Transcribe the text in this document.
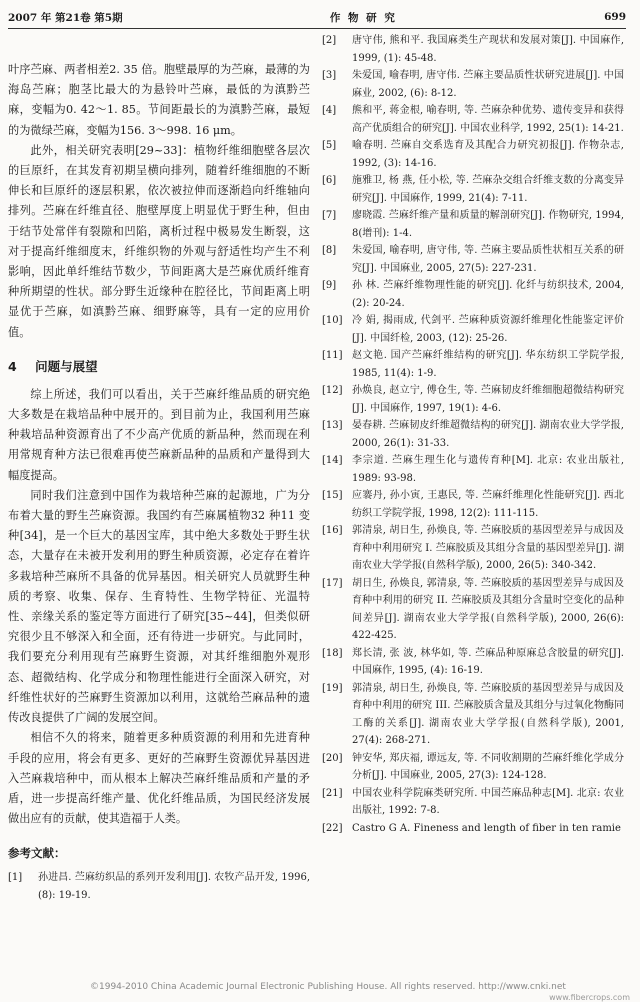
2007 年 第21卷 第5期	作 物 研 究	699

叶序苎麻、两者相差2. 35 倍。胞壁最厚的为苎麻，最薄的为海岛苎麻；胞茎比最大的为悬铃叶苎麻，最低的为滇黔苎麻，变幅为0. 42～1. 85。节间距最长的为滇黔苎麻，最短的为微绿苎麻，变幅为156. 3～998. 16 μm。

此外，相关研究表明[29~33]：植物纤维细胞壁各层次的巨原纤，在其发育初期呈横向排列，随着纤维细胞的不断伸长和巨原纤的逐层积累，依次被拉伸而逐渐趋向纤维轴向排列。苎麻在纤维直径、胞壁厚度上明显优于野生种，但由于结节处常伴有裂隙和凹陷，离析过程中极易发生断裂，这对于提高纤维细度末，纤维织物的外观与舒适性均产生不利影响，因此单纤维结节数少，节间距离大是苎麻优质纤维育种所期望的性状。部分野生近缘种在腔径比，节间距离上明显优于苎麻，如滇黔苎麻、细野麻等，具有一定的应用价值。

4 问题与展望

综上所述，我们可以看出，关于苎麻纤维品质的研究绝大多数是在栽培品种中展开的。到目前为止，我国利用苎麻种栽培品种资源育出了不少高产优质的新品种，然而现在利用常规育种方法已很难再使苎麻新品种的品质和产量得到大幅度提高。

同时我们注意到中国作为栽培种苎麻的起源地，广为分布着大量的野生苎麻资源。我国约有苎麻属植物32 种11 变种[34]，是一个巨大的基因宝库，其中绝大多数处于野生状态，大量存在未被开发利用的野生种质资源，必定存在着许多栽培种苎麻所不具备的优异基因。相关研究人员就野生种质的考察、收集、保存、生育特性、生物学特征、光温特性、亲缘关系的鉴定等方面进行了研究[35~44]，但类似研究很少且不够深入和全面，还有待进一步研究。与此同时，我们要充分利用现有苎麻野生资源，对其纤维细胞外观形态、超微结构、化学成分和物理性能进行全面深入研究，对纤维性状好的苎麻野生资源加以利用，这就给苎麻品种的遗传改良提供了广阔的发展空间。

相信不久的将来，随着更多种质资源的利用和先进育种手段的应用，将会有更多、更好的苎麻野生资源优异基因进入苎麻栽培种中，而从根本上解决苎麻纤维品质和产量的矛盾，进一步提高纤维产量、优化纤维品质，为国民经济发展做出应有的贡献，使其造福于人类。

参考文献：
[1]	孙进昌. 苎麻纺织品的系列开发利用[J]. 农牧产品开发, 1996, (8): 19-19.
[2]	唐守伟, 熊和平. 我国麻类生产现状和发展对策[J]. 中国麻作, 1999, (1): 45-48.
[3]	朱爱国, 喻春明, 唐守伟. 苎麻主要品质性状研究进展[J]. 中国麻业, 2002, (6): 8-12.
[4]	熊和平, 蒋金根, 喻春明, 等. 苎麻杂种优势、遗传变异和获得高产优质组合的研究[J]. 中国农业科学, 1992, 25(1): 14-21.
[5]	喻春明. 苎麻自交系选育及其配合力研究初报[J]. 作物杂志, 1992, (3): 14-16.
[6]	施雅卫, 杨 燕, 任小松, 等. 苎麻杂交组合纤维支数的分离变异研究[J]. 中国麻作, 1999, 21(4): 7-11.
[7]	廖晓霞. 苎麻纤维产量和质量的解剖研究[J]. 作物研究, 1994, 8(增刊): 1-4.
[8]	朱爱国, 喻春明, 唐守伟, 等. 苎麻主要品质性状相互关系的研究[J]. 中国麻业, 2005, 27(5): 227-231.
[9]	孙 林. 苎麻纤维物理性能的研究[J]. 化纤与纺织技术, 2004, (2): 20-24.
[10] 冷 娟, 揭雨成, 代剑平. 苎麻种质资源纤维理化性能鉴定评价[J]. 中国纤检, 2003, (12): 25-26.
[11] 赵文艳. 国产苎麻纤维结构的研究[J]. 华东纺织工学院学报, 1985, 11(4): 1-9.
[12] 孙焕良, 赵立宁, 傅仓生, 等. 苎麻韧皮纤维细胞超微结构研究[J]. 中国麻作, 1997, 19(1): 4-6.
[13] 晏春耕. 苎麻韧皮纤维超微结构的研究[J]. 湖南农业大学学报, 2000, 26(1): 31-33.
[14] 李宗道. 苎麻生理生化与遗传育种[M]. 北京: 农业出版社, 1989: 93-98.
[15] 应褰丹, 孙小寅, 王惠民, 等. 苎麻纤维理化性能研究[J]. 西北纺织工学院学报, 1998, 12(2): 111-115.
[16] 郭清泉, 胡日生, 孙焕良, 等. 苎麻胶质的基因型差异与成因及育种中利用研究 I. 苎麻胶质及其组分含量的基因型差异[J]. 湖南农业大学学报(自然科学版), 2000, 26(5): 340-342.
[17] 胡日生, 孙焕良, 郭清泉, 等. 苎麻胶质的基因型差异与成因及育种中利用的研究 II. 苎麻胶质及其组分含量时空变化的品种间差异[J]. 湖南农业大学学报(自然科学版), 2000, 26(6): 422-425.
[18] 郑长清, 张 波, 林华如, 等. 苎麻品种原麻总含胶量的研究[J]. 中国麻作, 1995, (4): 16-19.
[19] 郭清泉, 胡日生, 孙焕良, 等. 苎麻胶质的基因型差异与成因及育种中利用的研究 III. 苎麻胶质含量及其组分与过氧化物酶同工酶的关系[J]. 湖南农业大学学报(自然科学版), 2001, 27(4): 268-271.
[20] 钟安华, 郑庆福, 谭远友, 等. 不同收割期的苎麻纤维化学成分分析[J]. 中国麻业, 2005, 27(3): 124-128.
[21] 中国农业科学院麻类研究所. 中国苎麻品种志[M]. 北京: 农业出版社, 1992: 7-8.
[22] Castro G A. Fineness and length of fiber in ten ramie
©1994-2010 China Academic Journal Electronic Publishing House. All rights reserved. http://www.cnki.net
www.fibercrops.com
